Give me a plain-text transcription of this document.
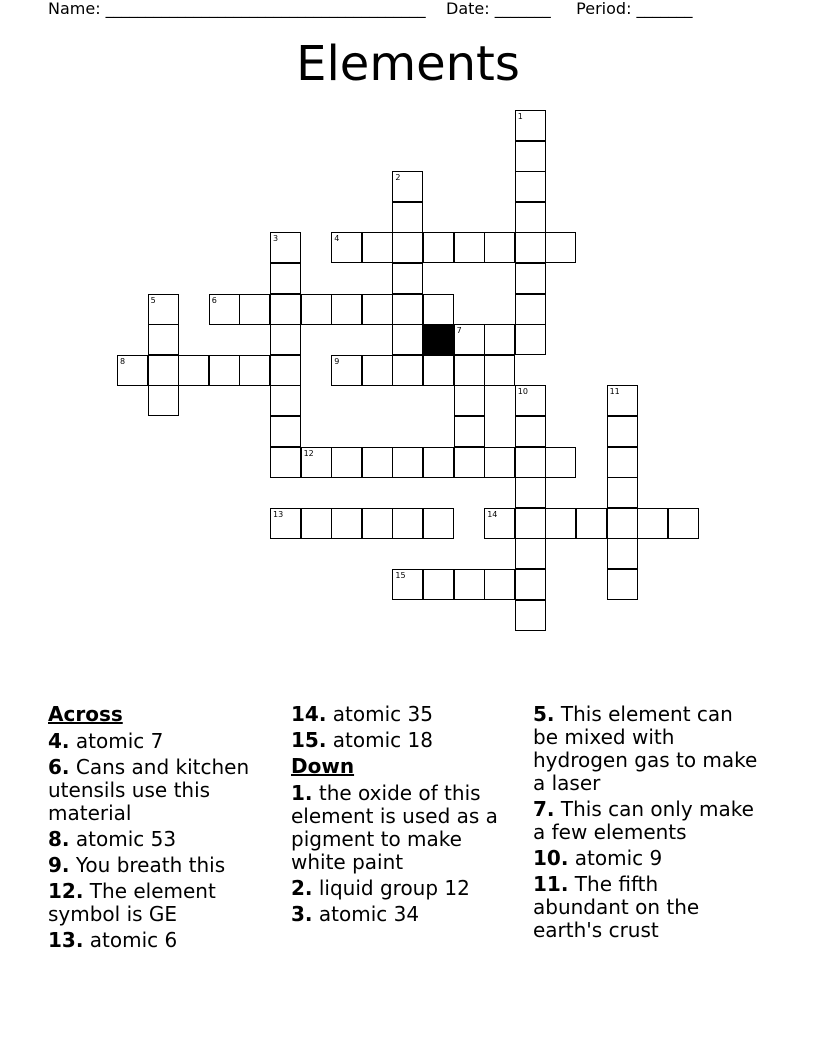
Name: ________________________________________    Date: _______     Period: _______
Elements
1
2
3	4
5	6
7
8	9
10	11
12
13	14
15
Across
4. atomic 7
6. Cans and kitchen utensils use this material
8. atomic 53
9. You breath this
12. The element symbol is GE
13. atomic 6
14. atomic 35
15. atomic 18
Down
1. the oxide of this element is used as a pigment to make white paint
2. liquid group 12
3. atomic 34
5. This element can be mixed with hydrogen gas to make a laser
7. This can only make a few elements
10. atomic 9
11. The fifth abundant on the earth's crust
